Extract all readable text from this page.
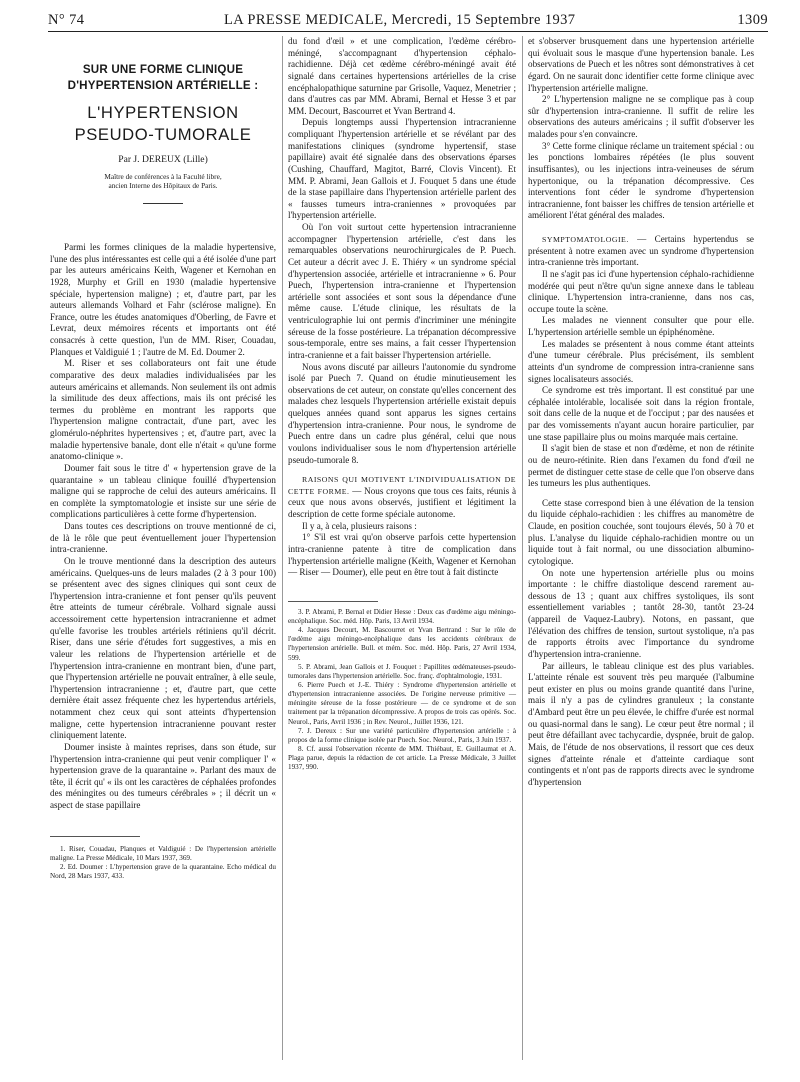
N° 74	LA PRESSE MEDICALE, Mercredi, 15 Septembre 1937	1309
SUR UNE FORME CLINIQUE
D'HYPERTENSION ARTÉRIELLE :
L'HYPERTENSION
PSEUDO-TUMORALE
Par J. DEREUX (Lille)
Maître de conférences à la Faculté libre,
ancien Interne des Hôpitaux de Paris.

Parmi les formes cliniques de la maladie hypertensive, l'une des plus intéressantes est celle qui a été isolée d'une part par les auteurs américains Keith, Wagener et Kernohan en 1928, Murphy et Grill en 1930 (maladie hypertensive spéciale, hypertension maligne) ; et, d'autre part, par les auteurs allemands Volhard et Fahr (sclérose maligne). En France, outre les études anatomiques d'Oberling, de Favre et Levrat, deux mémoires récents et importants ont été consacrés à cette question, l'un de MM. Riser, Couadau, Planques et Valdiguié 1 ; l'autre de M. Ed. Doumer 2.

M. Riser et ses collaborateurs ont fait une étude comparative des deux maladies individualisées par les auteurs américains et allemands. Non seulement ils ont admis la similitude des deux affections, mais ils ont précisé les termes du problème en montrant les rapports que l'hypertension maligne contractait, d'une part, avec les glomérulo-néphrites hypertensives ; et, d'autre part, avec la maladie hypertensive banale, dont elle n'était « qu'une forme anatomo-clinique ».

Doumer fait sous le titre d' « hypertension grave de la quarantaine » un tableau clinique fouillé d'hypertension maligne qui se rapproche de celui des auteurs américains. Il en complète la symptomatologie et insiste sur une série de complications particulières à cette forme d'hypertension.

Dans toutes ces descriptions on trouve mentionné de ci, de là le rôle que peut éventuellement jouer l'hypertension intra-cranienne.

On le trouve mentionné dans la description des auteurs américains. Quelques-uns de leurs malades (2 à 3 pour 100) se présentent avec des signes cliniques qui sont ceux de l'hypertension intra-cranienne et font penser qu'ils peuvent être atteints de tumeur cérébrale. Volhard signale aussi accessoirement cette hypertension intracranienne et admet qu'elle favorise les troubles artériels rétiniens qu'il décrit. Riser, dans une série d'études fort suggestives, a mis en valeur les relations de l'hypertension artérielle et de l'hypertension intra-cranienne en montrant bien, d'une part, que l'hypertension artérielle ne pouvait entraîner, à elle seule, l'hypertension intracranienne ; et, d'autre part, que cette dernière était assez fréquente chez les hypertendus artériels, notamment chez ceux qui sont atteints d'hypertension maligne, cette hypertension intracranienne pouvant rester cliniquement latente.

Doumer insiste à maintes reprises, dans son étude, sur l'hypertension intra-cranienne qui peut venir compliquer l' « hypertension grave de la quarantaine ». Parlant des maux de tête, il écrit qu' « ils ont les caractères de céphalées profondes des méningites ou des tumeurs cérébrales » ; il décrit un « aspect de stase papillaire

1. Riser, Couadau, Planques et Valdiguié : De l'hypertension artérielle maligne. La Presse Médicale, 10 Mars 1937, 369.

2. Ed. Doumer : L'hypertension grave de la quarantaine. Echo médical du Nord, 28 Mars 1937, 433.

du fond d'œil » et une complication, l'œdème cérébro-méningé, s'accompagnant d'hypertension céphalo-rachidienne. Déjà cet œdème cérébro-méningé avait été signalé dans certaines hypertensions artérielles de la crise encéphalopathique saturnine par Grisolle, Vaquez, Menetrier ; dans d'autres cas par MM. Abrami, Bernal et Hesse 3 et par MM. Decourt, Bascourret et Yvan Bertrand 4.

Depuis longtemps aussi l'hypertension intracranienne compliquant l'hypertension artérielle et se révélant par des manifestations cliniques (syndrome hypertensif, stase papillaire) avait été signalée dans des observations éparses (Cushing, Chauffard, Magitot, Barré, Clovis Vincent). Et MM. P. Abrami, Jean Gallois et J. Fouquet 5 dans une étude de la stase papillaire dans l'hypertension artérielle parlent des « fausses tumeurs intra-craniennes » provoquées par l'hypertension artérielle.

Où l'on voit surtout cette hypertension intracranienne accompagner l'hypertension artérielle, c'est dans les remarquables observations neurochirurgicales de P. Puech. Cet auteur a décrit avec J. E. Thiéry « un syndrome spécial d'hypertension associée, artérielle et intracranienne » 6. Pour Puech, l'hypertension intra-cranienne et l'hypertension artérielle sont associées et sont sous la dépendance d'une même cause. L'étude clinique, les résultats de la ventriculographie lui ont permis d'incriminer une méningite séreuse de la fosse postérieure. La trépanation décompressive sous-temporale, entre ses mains, a fait cesser l'hypertension intra-cranienne et a fait baisser l'hypertension artérielle.

Nous avons discuté par ailleurs l'autonomie du syndrome isolé par Puech 7. Quand on étudie minutieusement les observations de cet auteur, on constate qu'elles concernent des malades chez lesquels l'hypertension artérielle existait depuis quelques années quand sont apparus les signes certains d'hypertension intra-cranienne. Pour nous, le syndrome de Puech entre dans un cadre plus général, celui que nous voulons individualiser sous le nom d'hypertension artérielle pseudo-tumorale 8.

RAISONS QUI MOTIVENT L'INDIVIDUALISATION DE CETTE FORME. — Nous croyons que tous ces faits, réunis à ceux que nous avons observés, justifient et légitiment la description de cette forme spéciale autonome.

Il y a, à cela, plusieurs raisons :

1° S'il est vrai qu'on observe parfois cette hypertension intra-cranienne patente à titre de complication dans l'hypertension artérielle maligne (Keith, Wagener et Kernohan — Riser — Doumer), elle peut en être tout à fait distincte

3. P. Abrami, P. Bernal et Didier Hesse : Deux cas d'œdème aigu méningo-encéphalique. Soc. méd. Hôp. Paris, 13 Avril 1934.

4. Jacques Decourt, M. Bascourret et Yvan Bertrand : Sur le rôle de l'œdème aigu méningo-encéphalique dans les accidents cérébraux de l'hypertension artérielle. Bull. et mém. Soc. méd. Hôp. Paris, 27 Avril 1934, 599.

5. P. Abrami, Jean Gallois et J. Fouquet : Papillites œdémateuses-pseudo-tumorales dans l'hypertension artérielle. Soc. franç. d'ophtalmologie, 1931.

6. Pierre Puech et J.-E. Thiéry : Syndrome d'hypertension artérielle et d'hypertension intracranienne associées. De l'origine nerveuse primitive — méningite séreuse de la fosse postérieure — de ce syndrome et de son traitement par la trépanation décompressive. A propos de trois cas opérés. Soc. Neurol., Paris, Avril 1936 ; in Rev. Neurol., Juillet 1936, 121.

7. J. Dereux : Sur une variété particulière d'hypertension artérielle : à propos de la forme clinique isolée par Puech. Soc. Neurol., Paris, 3 Juin 1937.

8. Cf. aussi l'observation récente de MM. Thiébaut, E. Guillaumat et A. Plaga parue, depuis la rédaction de cet article. La Presse Médicale, 3 Juillet 1937, 990.

et s'observer brusquement dans une hypertension artérielle qui évoluait sous le masque d'une hypertension banale. Les observations de Puech et les nôtres sont démonstratives à cet égard. On ne saurait donc identifier cette forme clinique avec l'hypertension artérielle maligne.

2° L'hypertension maligne ne se complique pas à coup sûr d'hypertension intra-cranienne. Il suffit de relire les observations des auteurs américains ; il suffit d'observer les malades pour s'en convaincre.

3° Cette forme clinique réclame un traitement spécial : ou les ponctions lombaires répétées (le plus souvent insuffisantes), ou les injections intra-veineuses de sérum hypertonique, ou la trépanation décompressive. Ces interventions font céder le syndrome d'hypertension intracranienne, font baisser les chiffres de tension artérielle et améliorent l'état général des malades.

SYMPTOMATOLOGIE. — Certains hypertendus se présentent à notre examen avec un syndrome d'hypertension intra-cranienne très important.

Il ne s'agit pas ici d'une hypertension céphalo-rachidienne modérée qui peut n'être qu'un signe annexe dans le tableau clinique. L'hypertension intra-cranienne, dans nos cas, occupe toute la scène.

Les malades ne viennent consulter que pour elle. L'hypertension artérielle semble un épiphénomène.

Les malades se présentent à nous comme étant atteints d'une tumeur cérébrale. Plus précisément, ils semblent atteints d'un syndrome de compression intra-cranienne sans signes localisateurs associés.

Ce syndrome est très important. Il est constitué par une céphalée intolérable, localisée soit dans la région frontale, soit dans celle de la nuque et de l'occiput ; par des nausées et par des vomissements n'ayant aucun horaire particulier, par une stase papillaire plus ou moins marquée mais certaine.

Il s'agit bien de stase et non d'œdème, et non de rétinite ou de neuro-rétinite. Rien dans l'examen du fond d'œil ne permet de distinguer cette stase de celle que l'on observe dans les tumeurs les plus authentiques.

Cette stase correspond bien à une élévation de la tension du liquide céphalo-rachidien : les chiffres au manomètre de Claude, en position couchée, sont toujours élevés, 50 à 70 et plus. L'analyse du liquide céphalo-rachidien montre ou un liquide tout à fait normal, ou une dissociation albumino-cytologique.

On note une hypertension artérielle plus ou moins importante : le chiffre diastolique descend rarement au-dessous de 13 ; quant aux chiffres systoliques, ils sont essentiellement variables ; tantôt 28-30, tantôt 23-24 (appareil de Vaquez-Laubry). Notons, en passant, que l'élévation des chiffres de tension, surtout systolique, n'a pas de rapports étroits avec l'importance du syndrome d'hypertension intra-cranienne.

Par ailleurs, le tableau clinique est des plus variables. L'atteinte rénale est souvent très peu marquée (l'albumine peut exister en plus ou moins grande quantité dans l'urine, mais il n'y a pas de cylindres granuleux ; la constante d'Ambard peut être un peu élevée, le chiffre d'urée est normal ou quasi-normal dans le sang). Le cœur peut être normal ; il peut être défaillant avec tachycardie, dyspnée, bruit de galop. Mais, de l'étude de nos observations, il ressort que ces deux signes d'atteinte rénale et d'atteinte cardiaque sont contingents et n'ont pas de rapports directs avec le syndrome d'hypertension
